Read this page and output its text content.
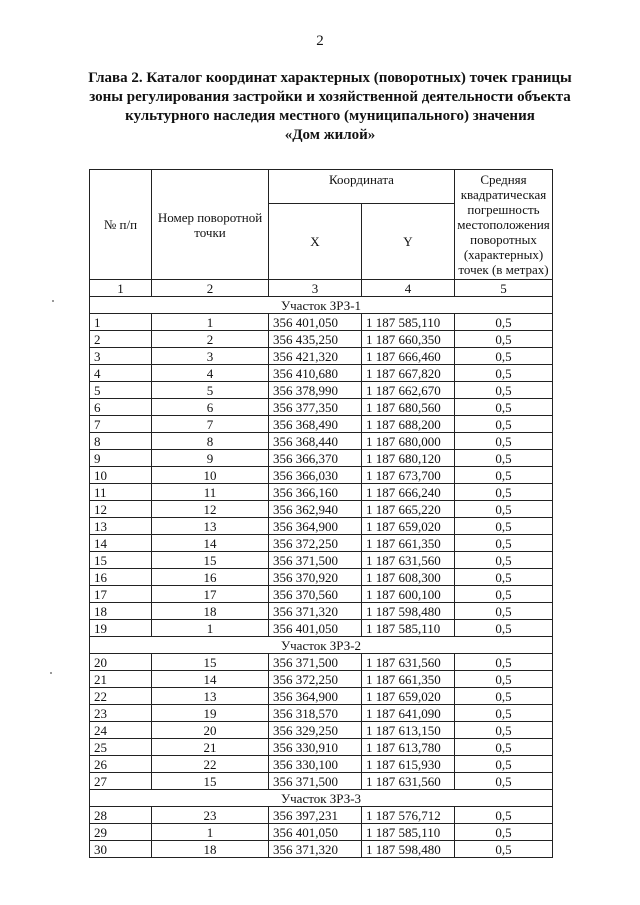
2
Глава 2. Каталог координат характерных (поворотных) точек границы
зоны регулирования застройки и хозяйственной деятельности объекта
культурного наследия местного (муниципального) значения
«Дом жилой»
№ п/п	Номер поворотной точки	Координата		Средняя квадратическая погрешность местоположения поворотных (характерных) точек (в метрах)
		X	Y	
1	2	3	4	5
Участок ЗРЗ-1				
1	1	356 401,050	1 187 585,110	0,5
2	2	356 435,250	1 187 660,350	0,5
3	3	356 421,320	1 187 666,460	0,5
4	4	356 410,680	1 187 667,820	0,5
5	5	356 378,990	1 187 662,670	0,5
6	6	356 377,350	1 187 680,560	0,5
7	7	356 368,490	1 187 688,200	0,5
8	8	356 368,440	1 187 680,000	0,5
9	9	356 366,370	1 187 680,120	0,5
10	10	356 366,030	1 187 673,700	0,5
11	11	356 366,160	1 187 666,240	0,5
12	12	356 362,940	1 187 665,220	0,5
13	13	356 364,900	1 187 659,020	0,5
14	14	356 372,250	1 187 661,350	0,5
15	15	356 371,500	1 187 631,560	0,5
16	16	356 370,920	1 187 608,300	0,5
17	17	356 370,560	1 187 600,100	0,5
18	18	356 371,320	1 187 598,480	0,5
19	1	356 401,050	1 187 585,110	0,5
Участок ЗРЗ-2				
20	15	356 371,500	1 187 631,560	0,5
21	14	356 372,250	1 187 661,350	0,5
22	13	356 364,900	1 187 659,020	0,5
23	19	356 318,570	1 187 641,090	0,5
24	20	356 329,250	1 187 613,150	0,5
25	21	356 330,910	1 187 613,780	0,5
26	22	356 330,100	1 187 615,930	0,5
27	15	356 371,500	1 187 631,560	0,5
Участок ЗРЗ-3				
28	23	356 397,231	1 187 576,712	0,5
29	1	356 401,050	1 187 585,110	0,5
30	18	356 371,320	1 187 598,480	0,5
